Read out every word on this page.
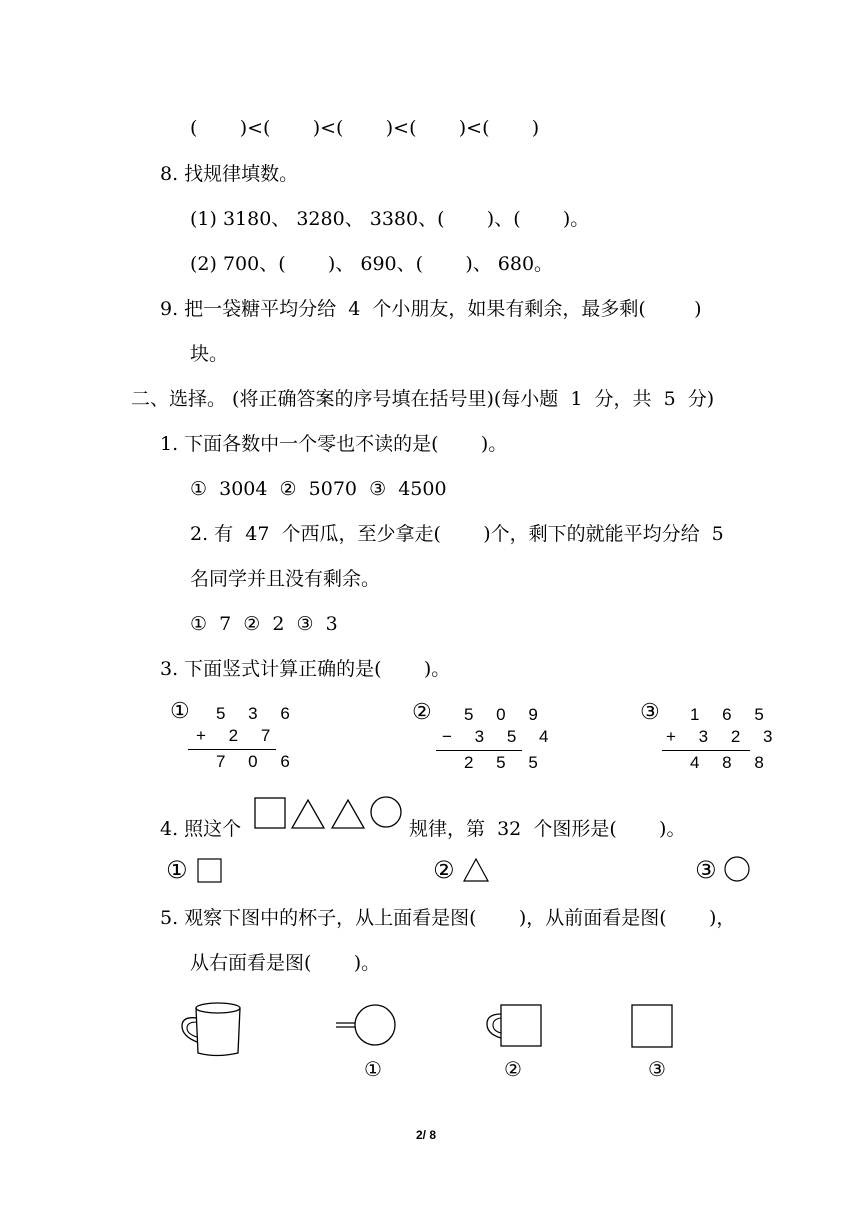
(       )<(       )<(       )<(       )<(       )
8. 找规律填数。
(1) 3180、 3280、 3380、(       )、(       )。
(2) 700、(       )、 690、(       )、 680。
9. 把一袋糖平均分给  4  个小朋友，如果有剩余，最多剩(        )
块。
二、选择。 (将正确答案的序号填在括号里)(每小题  1  分，共  5  分)
1. 下面各数中一个零也不读的是(       )。
①  3004  ②  5070  ③  4500
2. 有  47  个西瓜，至少拿走(       )个，剩下的就能平均分给  5
名同学并且没有剩余。
①  7  ②  2  ③  3
3. 下面竖式计算正确的是(       )。
① 5 3 6
+ 2 7
7 0 6
② 5 0 9
− 3 5 4
2 5 5
③ 1 6 5
+ 3 2 3
4 8 8
4. 照这个	规律，第  32  个图形是(       )。
①	②	③
5. 观察下图中的杯子，从上面看是图(       )，从前面看是图(       )，
从右面看是图(       )。
①	②	③
2/ 8
